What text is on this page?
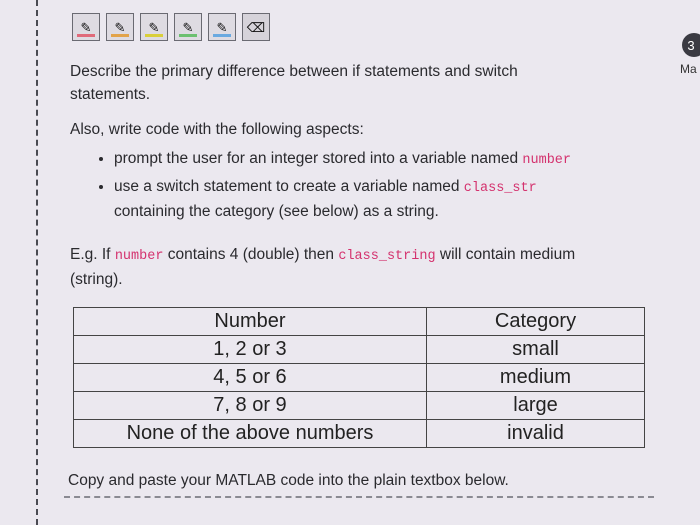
✎ ✎ ✎ ✎ ✎ ⌫
3
Ma

Describe the primary difference between if statements and switch

statements.

Also, write code with the following aspects:

• prompt the user for an integer stored into a variable named number
• use a switch statement to create a variable named class_str
containing the category (see below) as a string.

E.g. If number contains 4 (double) then class_string will contain medium

(string).

Number	Category
1, 2 or 3	small
4, 5 or 6	medium
7, 8 or 9	large
None of the above numbers	invalid
Copy and paste your MATLAB code into the plain textbox below.
